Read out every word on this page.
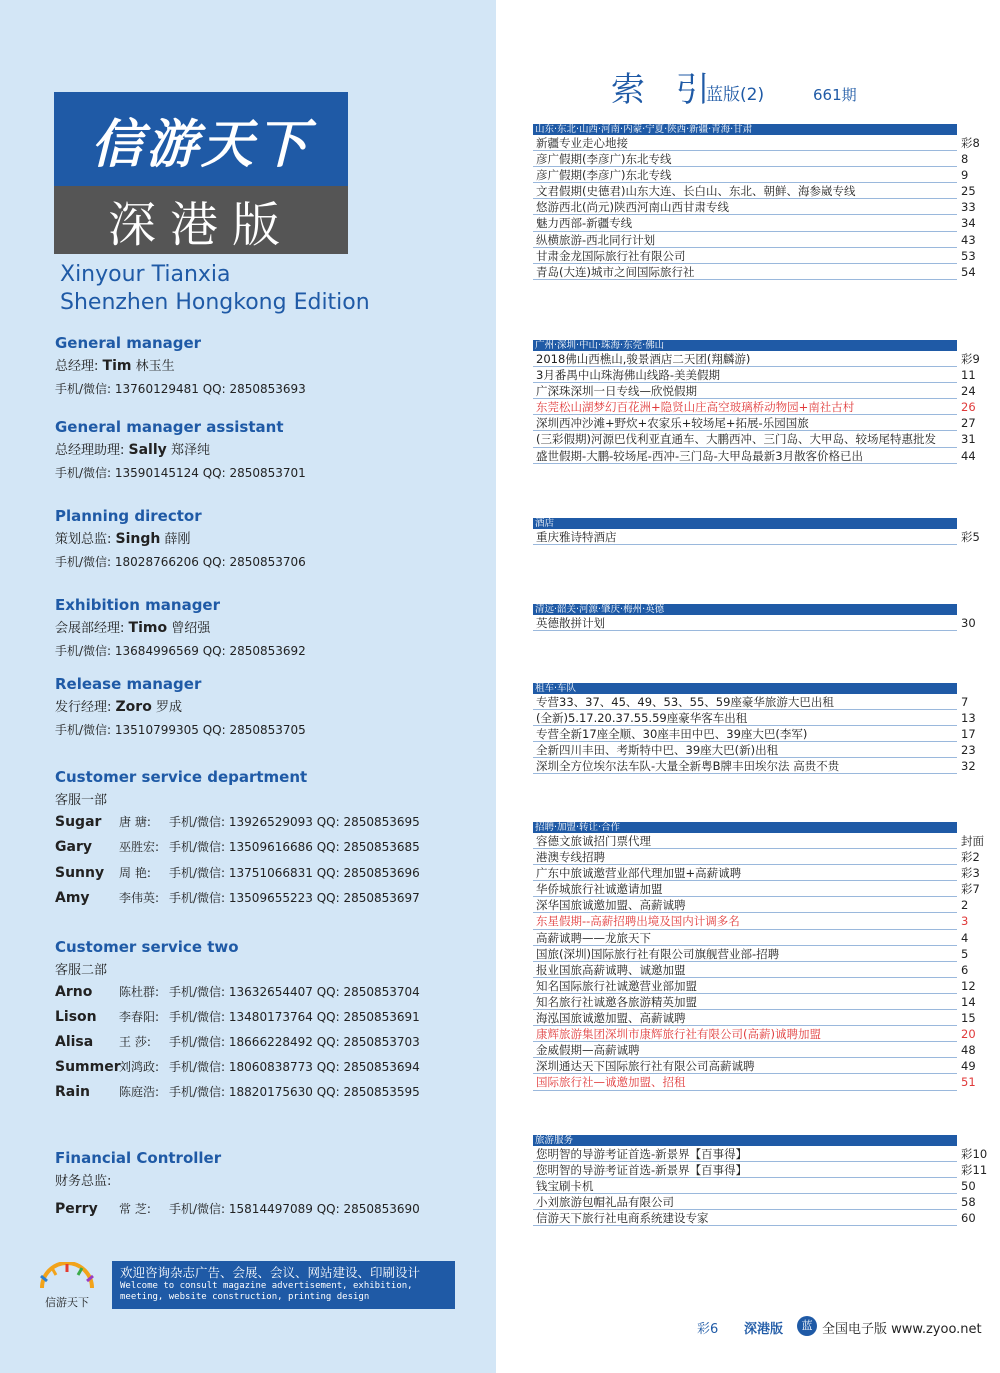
信游天下
深港版
Xinyour Tianxia
Shenzhen Hongkong Edition
General manager
总经理: Tim 林玉生
手机/微信: 13760129481 QQ: 2850853693
General manager assistant
总经理助理: Sally 郑泽纯
手机/微信: 13590145124 QQ: 2850853701
Planning director
策划总监: Singh 薛刚
手机/微信: 18028766206 QQ: 2850853706
Exhibition manager
会展部经理: Timo 曾绍强
手机/微信: 13684996569 QQ: 2850853692
Release manager
发行经理: Zoro 罗成
手机/微信: 13510799305 QQ: 2850853705
Customer service department
客服一部
Sugar 唐 瑭: 手机/微信: 13926529093 QQ: 2850853695
Gary 巫胜宏: 手机/微信: 13509616686 QQ: 2850853685
Sunny 周 艳: 手机/微信: 13751066831 QQ: 2850853696
Amy 李伟英: 手机/微信: 13509655223 QQ: 2850853697
Customer service two
客服二部
Arno 陈杜群: 手机/微信: 13632654407 QQ: 2850853704
Lison 李春阳: 手机/微信: 13480173764 QQ: 2850853691
Alisa 王 莎: 手机/微信: 18666228492 QQ: 2850853703
Summer刘鸿政: 手机/微信: 18060838773 QQ: 2850853694
Rain 陈庭浩: 手机/微信: 18820175630 QQ: 2850853595
Financial Controller
财务总监:
Perry 常 芝: 手机/微信: 15814497089 QQ: 2850853690
信游天下
欢迎咨询杂志广告、会展、会议、网站建设、印刷设计
Welcome to consult magazine advertisement, exhibition,
meeting, website construction, printing design
索 引
蓝版(2)	661期
山东·东北·山西·河南·内蒙·宁夏·陕西·新疆·青海·甘肃
新疆专业走心地接	彩8
彦广假期(李彦广)东北专线	8
彦广假期(李彦广)东北专线	9
文君假期(史德君)山东大连、长白山、东北、朝鲜、海参崴专线	25
悠游西北(尚元)陕西河南山西甘肃专线	33
魅力西部-新疆专线	34
纵横旅游-西北同行计划	43
甘肃金龙国际旅行社有限公司	53
青岛(大连)城市之间国际旅行社	54
广州·深圳·中山·珠海·东莞·佛山
2018佛山西樵山,骏景酒店二天团(翔麟游)	彩9
3月番禺中山珠海佛山线路-美美假期	11
广深珠深圳一日专线—欣悦假期	24
东莞松山湖梦幻百花洲+隐贤山庄高空玻璃桥动物园+南社古村	26
深圳西冲沙滩+野炊+农家乐+较场尾+拓展-乐园国旅	27
(三彩假期)河源巴伐利亚直通车、大鹏西冲、三门岛、大甲岛、较场尾特惠批发	31
盛世假期-大鹏-较场尾-西冲-三门岛-大甲岛最新3月散客价格已出	44
酒店
重庆雅诗特酒店	彩5
清远·韶关·河源·肇庆·梅州·英德
英德散拼计划	30
租车·车队
专营33、37、45、49、53、55、59座豪华旅游大巴出租	7
(全新)5.17.20.37.55.59座豪华客车出租	13
专营全新17座全顺、30座丰田中巴、39座大巴(李军)	17
全新四川丰田、考斯特中巴、39座大巴(新)出租	23
深圳全方位埃尔法车队-大量全新粤B牌丰田埃尔法 高贵不贵	32
招聘·加盟·转让·合作
容德文旅诚招门票代理	封面
港澳专线招聘	彩2
广东中旅诚邀营业部代理加盟+高薪诚聘	彩3
华侨城旅行社诚邀请加盟	彩7
深华国旅诚邀加盟、高薪诚聘	2
东星假期--高薪招聘出境及国内计调多名	3
高薪诚聘——龙旅天下	4
国旅(深圳)国际旅行社有限公司旗舰营业部-招聘	5
报业国旅高薪诚聘、诚邀加盟	6
知名国际旅行社诚邀营业部加盟	12
知名旅行社诚邀各旅游精英加盟	14
海泓国旅诚邀加盟、高薪诚聘	15
康辉旅游集团深圳市康辉旅行社有限公司(高薪)诚聘加盟	20
金威假期—高薪诚聘	48
深圳通达天下国际旅行社有限公司高薪诚聘	49
国际旅行社—诚邀加盟、招租	51
旅游服务
您明智的导游考证首选-新景界【百事得】	彩10
您明智的导游考证首选-新景界【百事得】	彩11
钱宝刷卡机	50
小刘旅游包帽礼品有限公司	58
信游天下旅行社电商系统建设专家	60
彩6 深港版	蓝 全国电子版 www.zyoo.net
